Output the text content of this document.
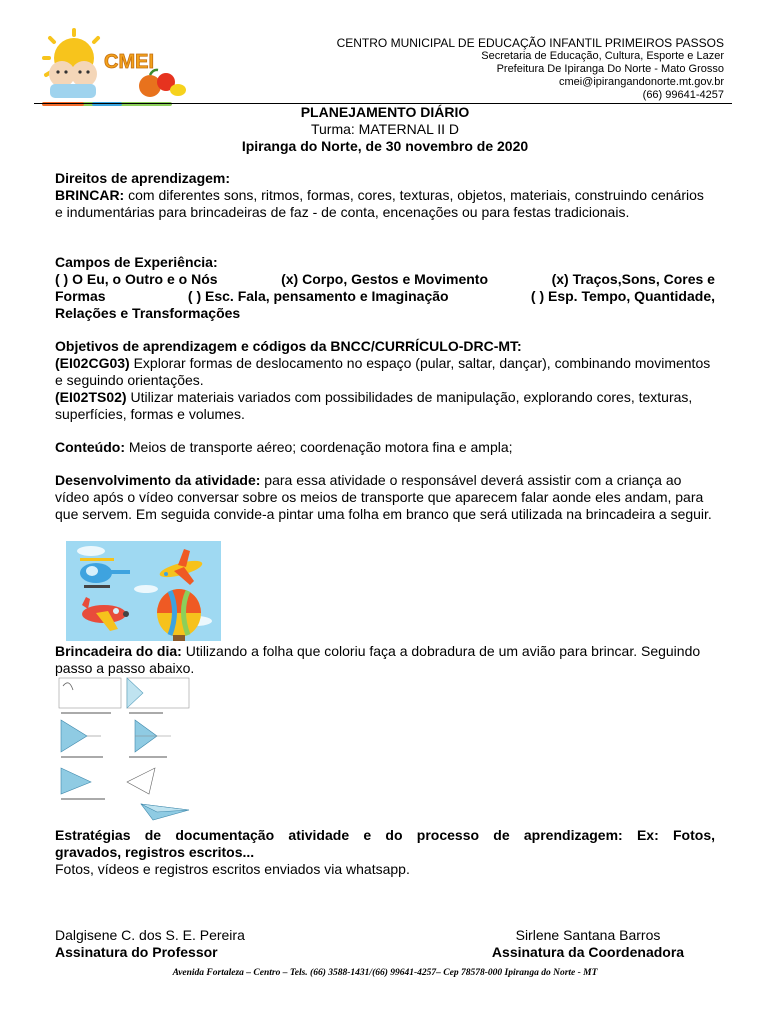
CMEI
CENTRO MUNICIPAL DE EDUCAÇÃO INFANTIL PRIMEIROS PASSOS
Secretaria de Educação, Cultura, Esporte e Lazer
Prefeitura De Ipiranga Do Norte - Mato Grosso
cmei@ipirangandonorte.mt.gov.br
(66) 99641-4257
PLANEJAMENTO DIÁRIO
Turma: MATERNAL II D
Ipiranga do Norte, de 30 novembro de 2020

Direitos de aprendizagem:

BRINCAR: com diferentes sons, ritmos, formas, cores, texturas, objetos, materiais, construindo cenários e indumentárias para brincadeiras de faz - de conta, encenações ou para festas tradicionais.

Campos de Experiência:

( ) O Eu, o Outro e o Nós	(x) Corpo, Gestos e Movimento	(x) Traços,Sons, Cores e
Formas	( ) Esc. Fala, pensamento e Imaginação	( ) Esp. Tempo, Quantidade,

Relações e Transformações

Objetivos de aprendizagem e códigos da BNCC/CURRÍCULO-DRC-MT:

(EI02CG03) Explorar formas de deslocamento no espaço (pular, saltar, dançar), combinando movimentos e seguindo orientações.

(EI02TS02) Utilizar materiais variados com possibilidades de manipulação, explorando cores, texturas, superfícies, formas e volumes.

Conteúdo: Meios de transporte aéreo; coordenação motora fina e ampla;

Desenvolvimento da atividade: para essa atividade o responsável deverá assistir com a criança ao vídeo após o vídeo conversar sobre os meios de transporte que aparecem falar aonde eles andam, para que servem. Em seguida convide-a pintar uma folha em branco que será utilizada na brincadeira a seguir.

Brincadeira do dia: Utilizando a folha que coloriu faça a dobradura de um avião para brincar. Seguindo passo a passo abaixo.

Estratégias de documentação atividade e do processo de aprendizagem: Ex: Fotos,

gravados, registros escritos...

Fotos, vídeos e registros escritos enviados via whatsapp.

Dalgisene C. dos S. E. Pereira
Assinatura do Professor
Sirlene Santana Barros
Assinatura da Coordenadora
Avenida Fortaleza – Centro – Tels. (66) 3588-1431/(66) 99641-4257– Cep 78578-000 Ipiranga do Norte - MT
